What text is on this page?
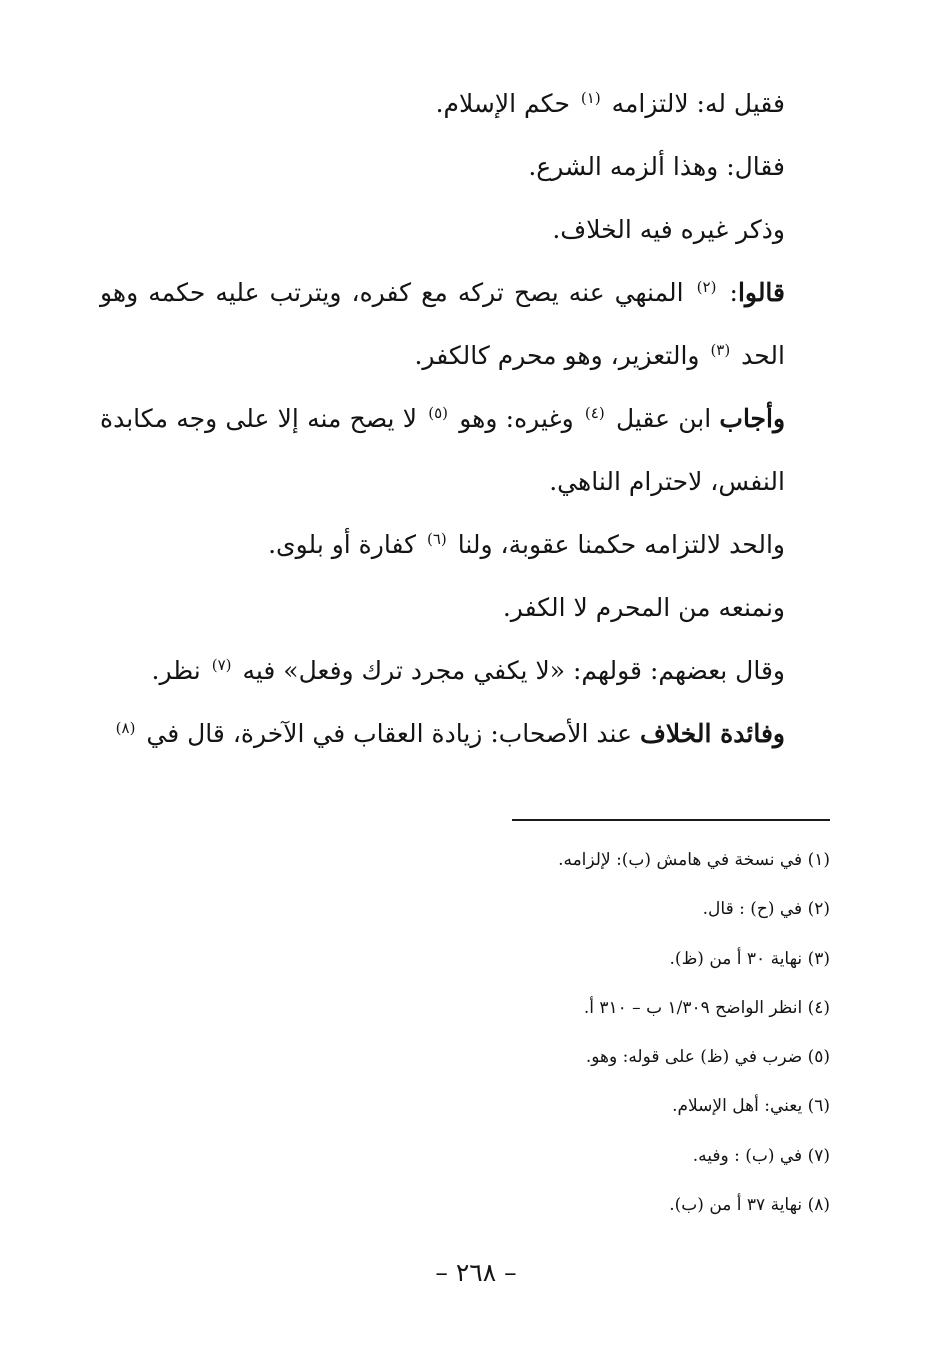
فقيل له: لالتزامه $^{(١)}$ حكم الإسلام.

فقال: وهذا ألزمه الشرع.

وذكر غيره فيه الخلاف.

قالوا: $^{(٢)}$ المنهي عنه يصح تركه مع كفره، ويترتب عليه حكمه وهو الحد $^{(٣)}$ والتعزير، وهو محرم كالكفر.

وأجاب ابن عقيل $^{(٤)}$ وغيره: وهو $^{(٥)}$ لا يصح منه إلا على وجه مكابدة النفس، لاحترام الناهي.

والحد لالتزامه حكمنا عقوبة، ولنا $^{(٦)}$ كفارة أو بلوى.

ونمنعه من المحرم لا الكفر.

وقال بعضهم: قولهم: «لا يكفي مجرد ترك وفعل» فيه $^{(٧)}$ نظر.

وفائدة الخلاف عند الأصحاب: زيادة العقاب في الآخرة، قال في $^{(٨)}$

(١) في نسخة في هامش (ب): لإلزامه.
(٢) في (ح) : قال.
(٣) نهاية ٣٠ أ من (ظ).
(٤) انظر الواضح ١/٣٠٩ ب – ٣١٠ أ.
(٥) ضرب في (ظ) على قوله: وهو.
(٦) يعني: أهل الإسلام.
(٧) في (ب) : وفيه.
(٨) نهاية ٣٧ أ من (ب).
– ٢٦٨ –
